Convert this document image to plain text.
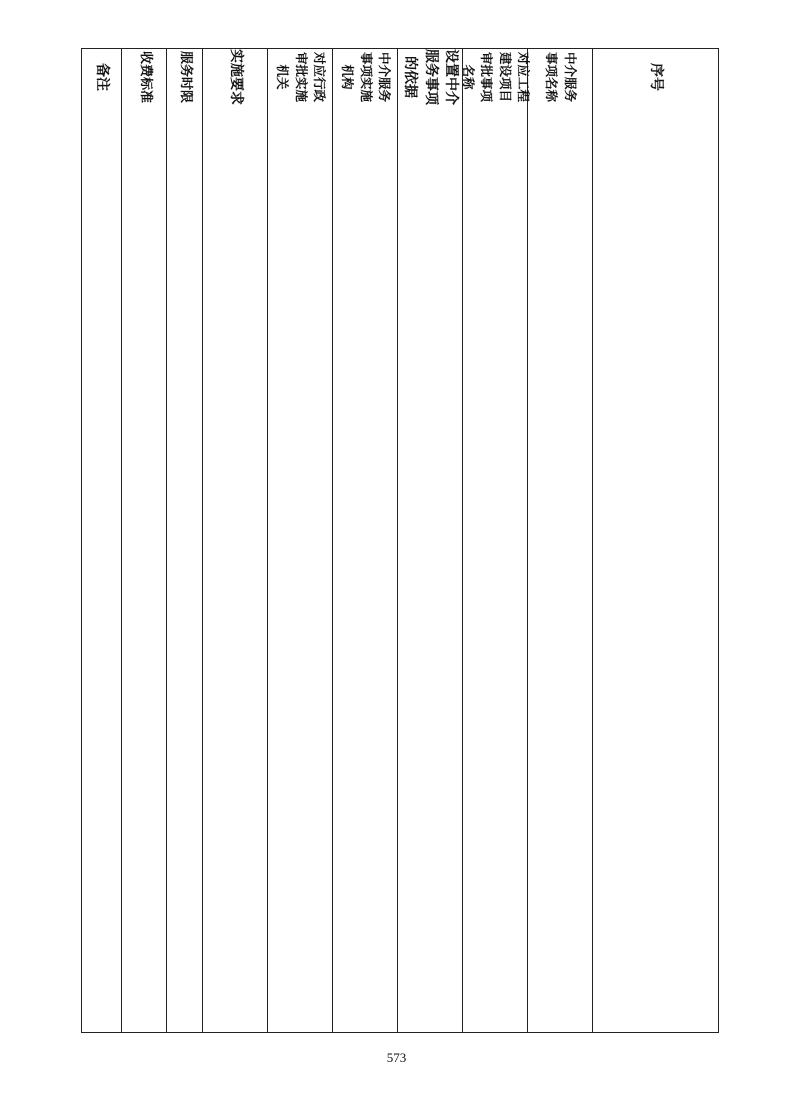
备注	收费标准	服务时限	实施要求	对应行政审批实施机关	中介服务事项实施机构	设置中介服务事项的依据	对应工程建设项目审批事项名称	中介服务事项名称	序号
573
